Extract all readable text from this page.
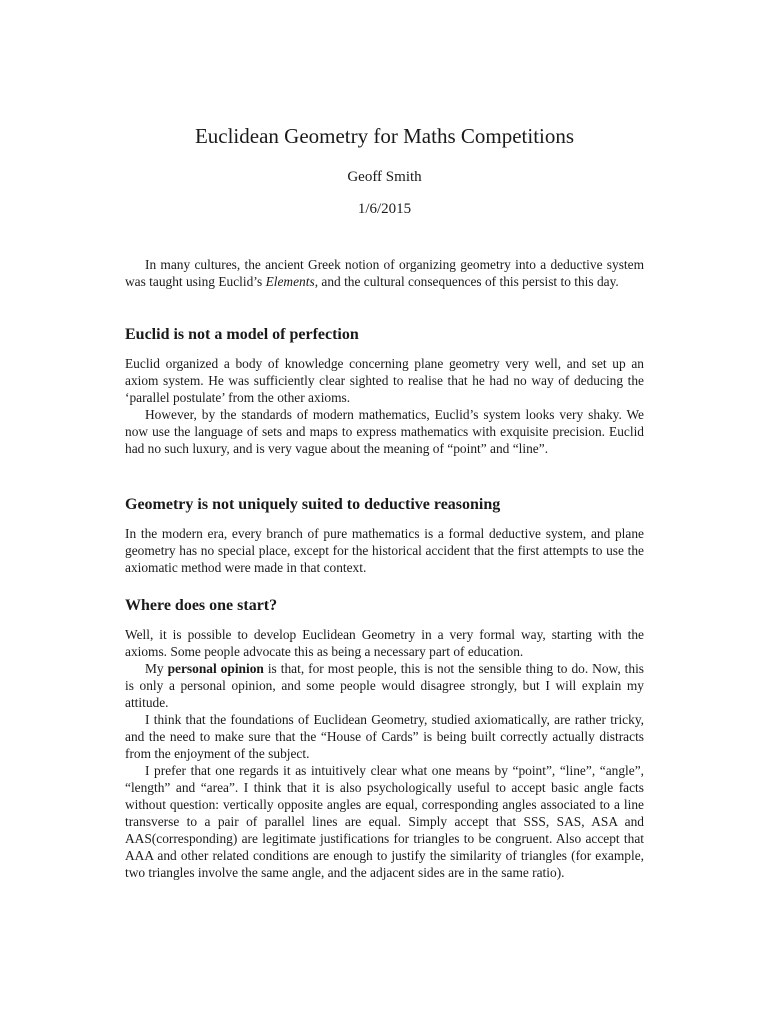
Euclidean Geometry for Maths Competitions
Geoff Smith
1/6/2015

In many cultures, the ancient Greek notion of organizing geometry into a deductive system was taught using Euclid’s Elements, and the cultural consequences of this persist to this day.

Euclid is not a model of perfection

Euclid organized a body of knowledge concerning plane geometry very well, and set up an axiom system. He was sufficiently clear sighted to realise that he had no way of deducing the ‘parallel postulate’ from the other axioms.

However, by the standards of modern mathematics, Euclid’s system looks very shaky. We now use the language of sets and maps to express mathematics with exquisite precision. Euclid had no such luxury, and is very vague about the meaning of “point” and “line”.

Geometry is not uniquely suited to deductive reasoning

In the modern era, every branch of pure mathematics is a formal deductive system, and plane geometry has no special place, except for the historical accident that the first attempts to use the axiomatic method were made in that context.

Where does one start?

Well, it is possible to develop Euclidean Geometry in a very formal way, starting with the axioms. Some people advocate this as being a necessary part of education.

My personal opinion is that, for most people, this is not the sensible thing to do. Now, this is only a personal opinion, and some people would disagree strongly, but I will explain my attitude.

I think that the foundations of Euclidean Geometry, studied axiomatically, are rather tricky, and the need to make sure that the “House of Cards” is being built correctly actually distracts from the enjoyment of the subject.

I prefer that one regards it as intuitively clear what one means by “point”, “line”, “angle”, “length” and “area”. I think that it is also psychologically useful to accept basic angle facts without question: vertically opposite angles are equal, corresponding angles associated to a line transverse to a pair of parallel lines are equal. Simply accept that SSS, SAS, ASA and AAS(corresponding) are legitimate justifications for triangles to be congruent. Also accept that AAA and other related conditions are enough to justify the similarity of triangles (for example, two triangles involve the same angle, and the adjacent sides are in the same ratio).
